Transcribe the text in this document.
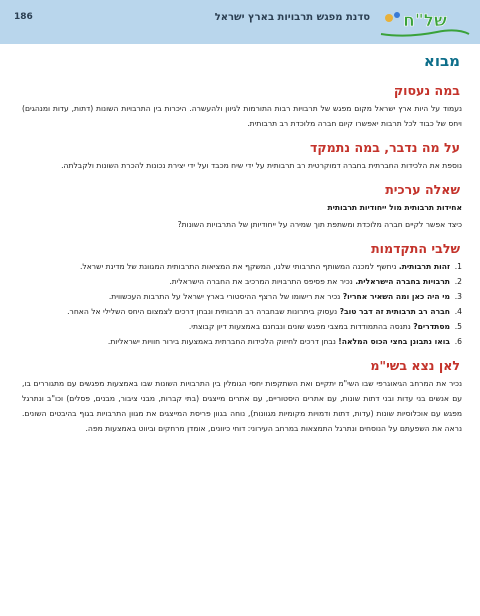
186	סדנת מפגש תרבויות בארץ ישראל של"ח
מבוא
במה נעסוק

נעמוד על היות ארץ ישראל מקום מפגש של תרבויות רבות התורמות לגיוון ולהעשרה. היכרות בין התרבויות השונות (דתות, עדות ומנהגים) ויחס של כבוד לכל תרבות יאפשרו קיום חברה מלוכדת רב תרבותית.

על מה נדבר, במה נתמקד

נוספת את הלכידות החברתית בחברה דמוקרטית רב תרבותית על ידי שיח מכבד ועל ידי יצירת נכונות להכרת השונות ולקבלתה.

שאלה ערכית

אחידות תרבותית מול ייחודיות תרבותית

כיצד אפשר לקיים חברה מלוכדת ומשתפת תוך שמירה על ייחודיותן של התרבויות השונות?

שלבי התקדמות
1.
זהות תרבותית. ניחשף למכנה המשותף התרבותי שלנו, המשקף את המציאות התרבותית המגוונת של מדינת ישראל.
2.
תרבויות בחברה הישראלית. נכיר את פסיפס התרבויות המרכיב את החברה הישראלית.
3.
מי היה כאן ומה השאיר אחריו? נכיר את רישומו של הרצף ההיסטורי בארץ ישראל על התרבות העכשווית.
4.
חברה רב תרבותית זה דבר טוב? נעסוק ביתרונות שבחברה רב תרבותית ונבחן דרכים לצמצום היחס השלילי אל האחר.
5.
מסתדרים? נתנסה בהתמודדות במצבי מפגש שונים ונבחנם באמצעות דיון קבוצתי.
6.
בואו נתבונן בחצי הכוס המלאה! נבחן דרכים לחיזוק הלכידות החברתית באמצעות בירור חוויות ישראליות.
לאן נצא בשי"מ

נכיר את המרחב הגיאוגרפי שבו השי"מ יתקיים ואת השתקפות יחסי הגומלין בין התרבויות השונות שבו באמצעות מפגשים עם מתגוררים בו, עם אנשים בני עדות ובני דתות שונות, עם אתרים היסטוריים, עם אתרים מייצגים (בתי קברות, מבני ציבור, מבנים, פסלים) וכו"ב ונתרגל מפגש עם אוכלוסיות שונות (עדות, דתות ודמויות מקומיות מגוונות), נוחה בגוון פריסת המייצגים את מגוון התרבויות בגוף בהיבטים השונים. נראה את השפעתם על הנוסחים ונתרגל התמצאות במרחב העירוני: דוחי כיוונים, אומדן מרחקים וביווט באמצעות מפה.
